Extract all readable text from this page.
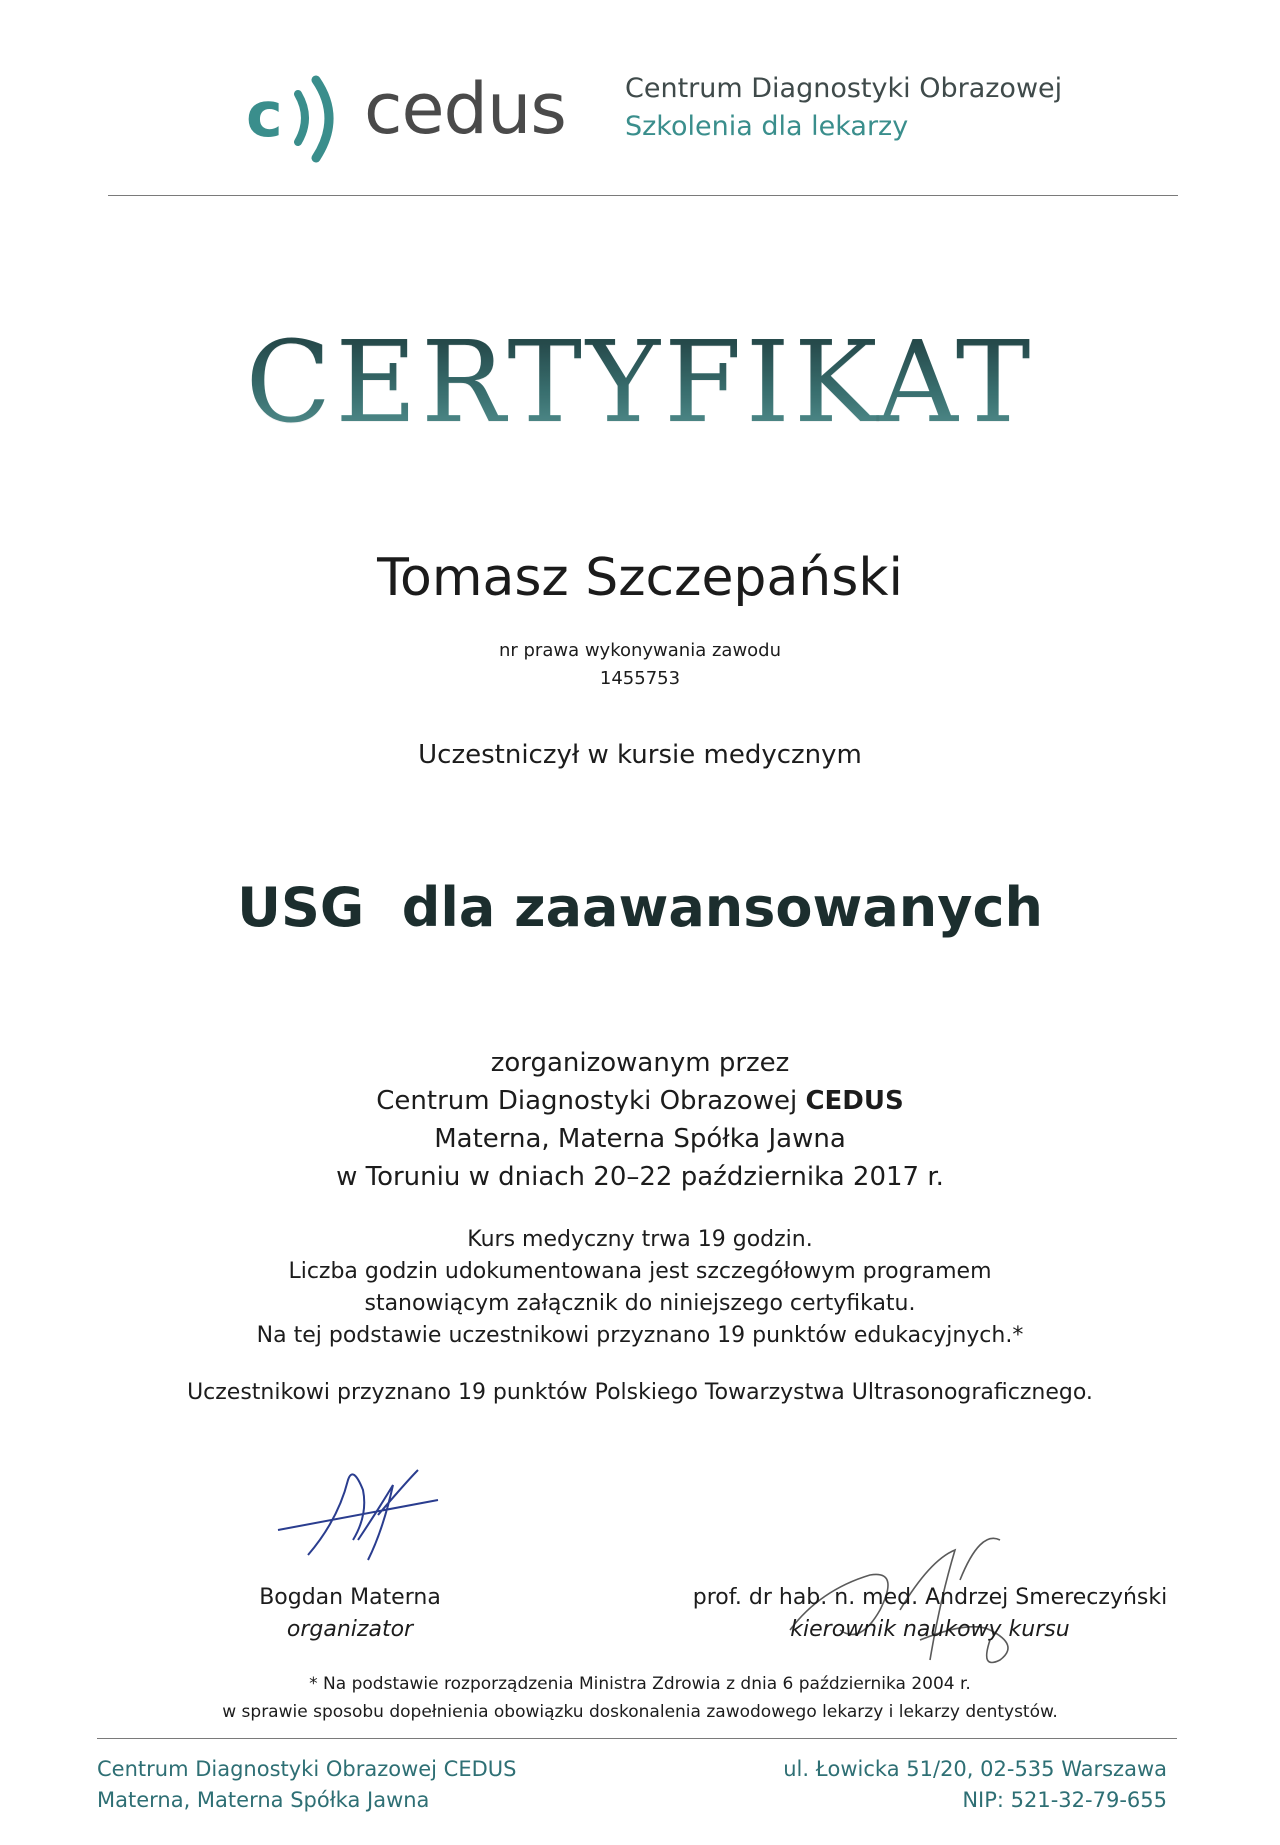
c cedus Centrum Diagnostyki Obrazowej
Szkolenia dla lekarzy
CERTYFIKAT
Tomasz Szczepański
nr prawa wykonywania zawodu
1455753
Uczestniczył w kursie medycznym
USG  dla zaawansowanych
zorganizowanym przez
Centrum Diagnostyki Obrazowej CEDUS
Materna, Materna Spółka Jawna
w Toruniu w dniach 20–22 października 2017 r.
Kurs medyczny trwa 19 godzin.
Liczba godzin udokumentowana jest szczegółowym programem
stanowiącym załącznik do niniejszego certyfikatu.
Na tej podstawie uczestnikowi przyznano 19 punktów edukacyjnych.*
Uczestnikowi przyznano 19 punktów Polskiego Towarzystwa Ultrasonograficznego.
Bogdan Materna
organizator
prof. dr hab. n. med. Andrzej Smereczyński
kierownik naukowy kursu
* Na podstawie rozporządzenia Ministra Zdrowia z dnia 6 października 2004 r.
w sprawie sposobu dopełnienia obowiązku doskonalenia zawodowego lekarzy i lekarzy dentystów.
Centrum Diagnostyki Obrazowej CEDUS
Materna, Materna Spółka Jawna
ul. Łowicka 51/20, 02-535 Warszawa
NIP: 521-32-79-655
